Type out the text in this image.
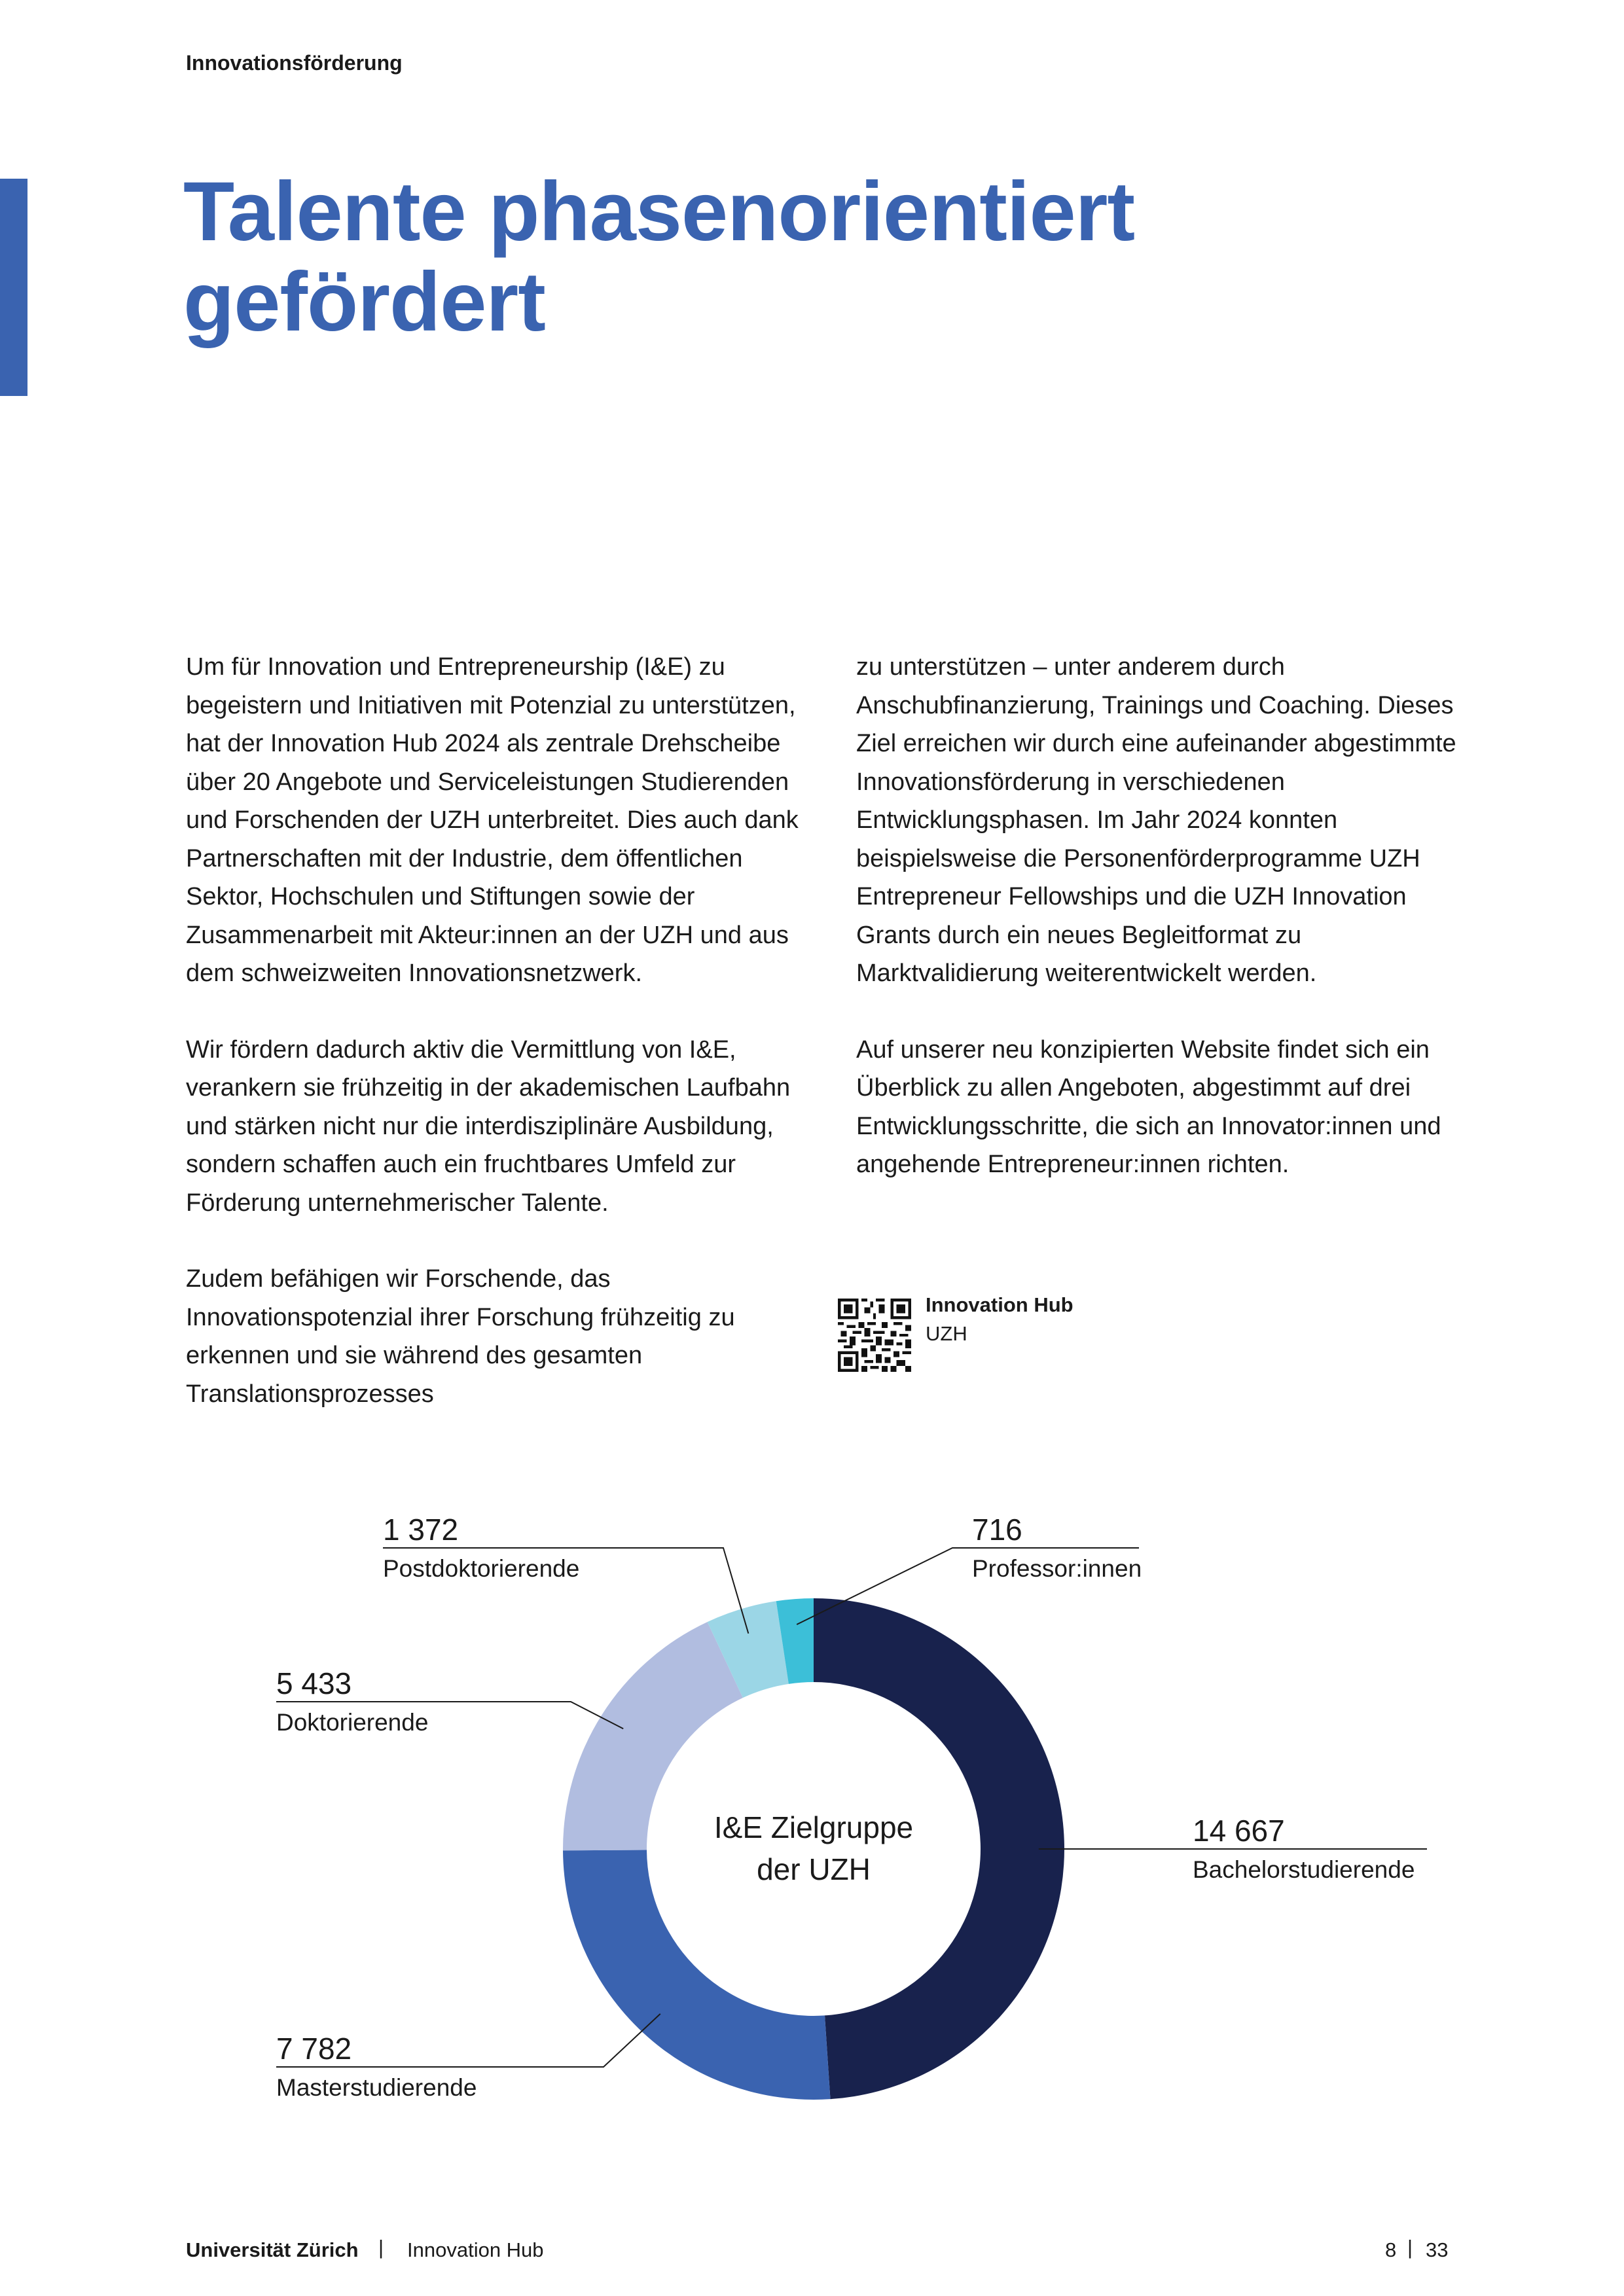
Innovationsförderung
Talente phasenorientiert
gefördert

Um für Innovation und Entrepreneurship (I&E) zu begeistern und Initiativen mit Potenzial zu unterstützen, hat der Innovation Hub 2024 als zentrale Drehscheibe über 20 Angebote und Serviceleistungen Studierenden und Forschenden der UZH unterbreitet. Dies auch dank Partnerschaften mit der Industrie, dem öffentlichen Sektor, Hochschulen und Stiftungen sowie der Zusammenarbeit mit Akteur:innen an der UZH und aus dem schweizweiten Innovationsnetzwerk.

Wir fördern dadurch aktiv die Vermittlung von I&E, verankern sie frühzeitig in der akademischen Laufbahn und stärken nicht nur die interdisziplinäre Ausbildung, sondern schaffen auch ein fruchtbares Umfeld zur Förderung unternehmerischer Talente.

Zudem befähigen wir Forschende, das Innovationspotenzial ihrer Forschung frühzeitig zu erkennen und sie während des gesamten Translationsprozesses

zu unterstützen – unter anderem durch Anschubfinanzierung, Trainings und Coaching. Dieses Ziel erreichen wir durch eine aufeinander abgestimmte Innovationsförderung in verschiedenen Entwicklungsphasen. Im Jahr 2024 konnten beispielsweise die Personenförderprogramme UZH Entrepreneur Fellowships und die UZH Innovation Grants durch ein neues Begleitformat zu Marktvalidierung weiterentwickelt werden.

Auf unserer neu konzipierten Website findet sich ein Überblick zu allen Angeboten, abgestimmt auf drei Entwicklungsschritte, die sich an Innovator:innen und angehende Entrepreneur:innen richten.

Innovation Hub
UZH
14 667
Bachelorstudierende
7 782
Masterstudierende
5 433
Doktorierende
1 372
Postdoktorierende
716
Professor:innen
I&E Zielgruppe
der UZH
Universität Zürich | Innovation Hub	8 | 33
